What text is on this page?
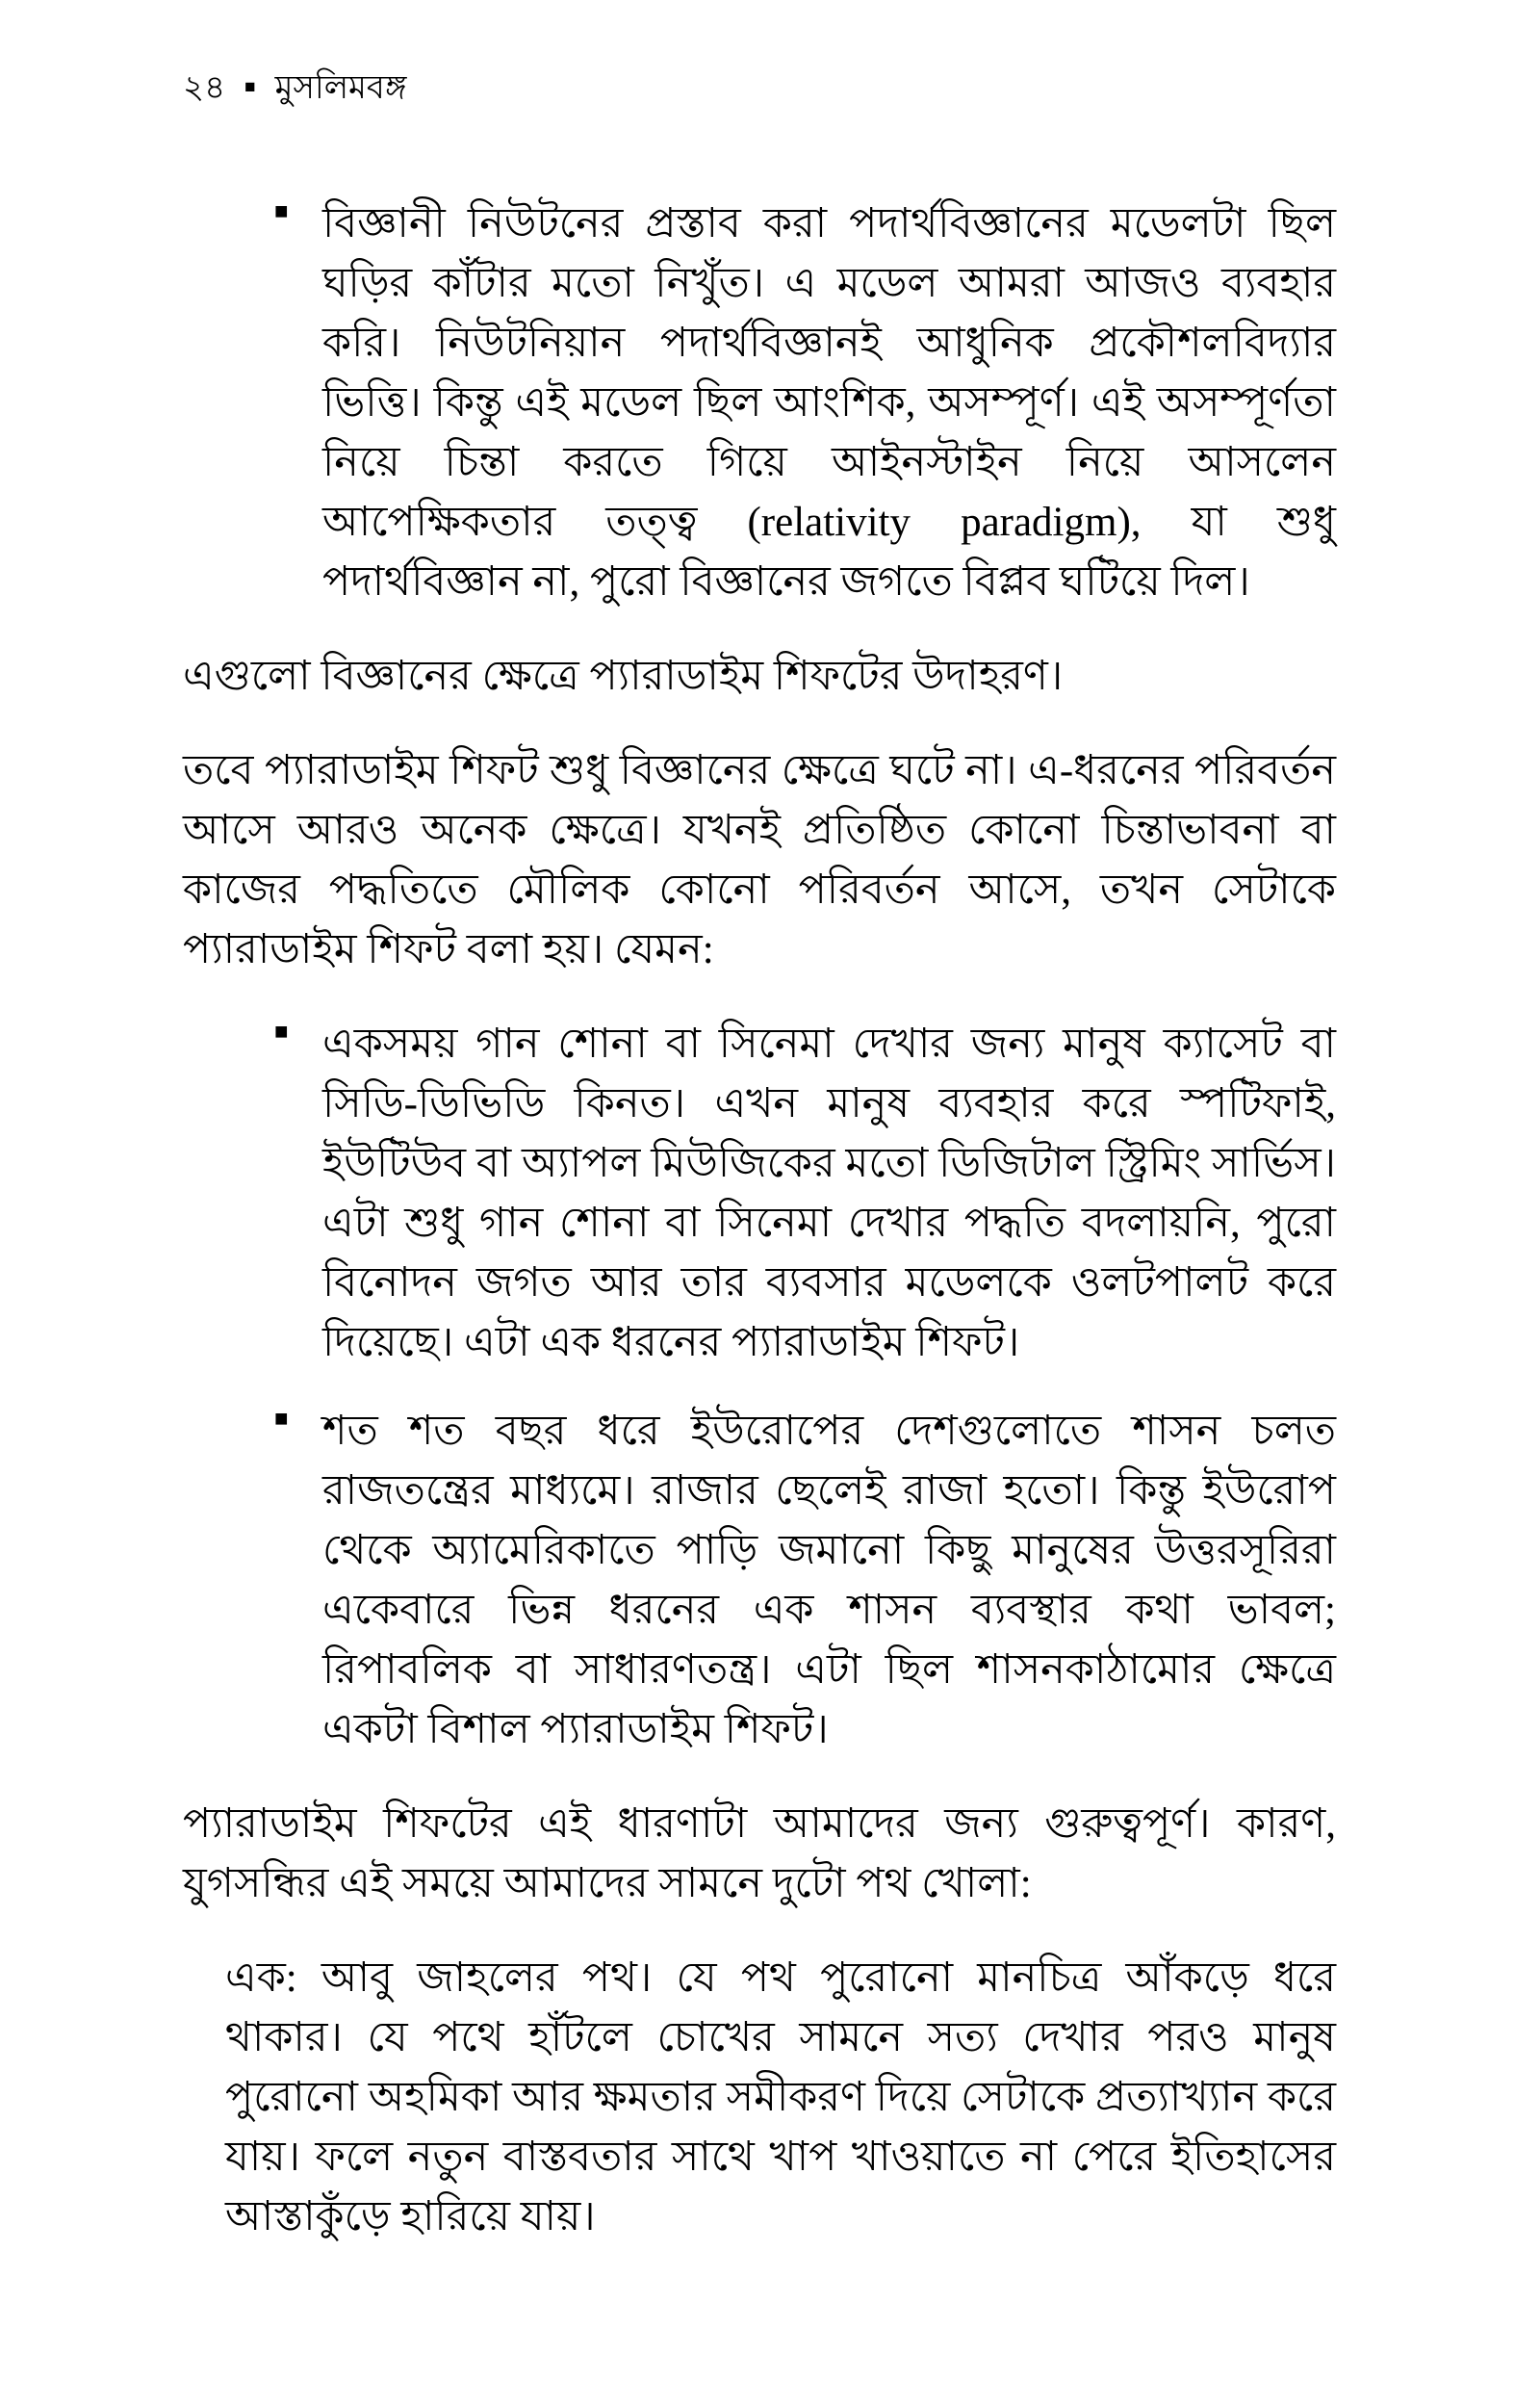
২৪ ■ মুসলিমবঙ্গ
■ বিজ্ঞানী নিউটনের প্রস্তাব করা পদার্থবিজ্ঞানের মডেলটা ছিল ঘড়ির কাঁটার মতো নিখুঁত। এ মডেল আমরা আজও ব্যবহার করি। নিউটনিয়ান পদার্থবিজ্ঞানই আধুনিক প্রকৌশলবিদ্যার ভিত্তি। কিন্তু এই মডেল ছিল আংশিক, অসম্পূর্ণ। এই অসম্পূর্ণতা নিয়ে চিন্তা করতে গিয়ে আইনস্টাইন নিয়ে আসলেন আপেক্ষিকতার তত্ত্ব (relativity paradigm), যা শুধু পদার্থবিজ্ঞান না, পুরো বিজ্ঞানের জগতে বিপ্লব ঘটিয়ে দিল।

এগুলো বিজ্ঞানের ক্ষেত্রে প্যারাডাইম শিফটের উদাহরণ।

তবে প্যারাডাইম শিফট শুধু বিজ্ঞানের ক্ষেত্রে ঘটে না। এ-ধরনের পরিবর্তন আসে আরও অনেক ক্ষেত্রে। যখনই প্রতিষ্ঠিত কোনো চিন্তাভাবনা বা কাজের পদ্ধতিতে মৌলিক কোনো পরিবর্তন আসে, তখন সেটাকে প্যারাডাইম শিফট বলা হয়। যেমন:

■ একসময় গান শোনা বা সিনেমা দেখার জন্য মানুষ ক্যাসেট বা সিডি-ডিভিডি কিনত। এখন মানুষ ব্যবহার করে স্পটিফাই, ইউটিউব বা অ্যাপল মিউজিকের মতো ডিজিটাল স্ট্রিমিং সার্ভিস। এটা শুধু গান শোনা বা সিনেমা দেখার পদ্ধতি বদলায়নি, পুরো বিনোদন জগত আর তার ব্যবসার মডেলকে ওলটপালট করে দিয়েছে। এটা এক ধরনের প্যারাডাইম শিফট।
■ শত শত বছর ধরে ইউরোপের দেশগুলোতে শাসন চলত রাজতন্ত্রের মাধ্যমে। রাজার ছেলেই রাজা হতো। কিন্তু ইউরোপ থেকে অ্যামেরিকাতে পাড়ি জমানো কিছু মানুষের উত্তরসূরিরা একেবারে ভিন্ন ধরনের এক শাসন ব্যবস্থার কথা ভাবল; রিপাবলিক বা সাধারণতন্ত্র। এটা ছিল শাসনকাঠামোর ক্ষেত্রে একটা বিশাল প্যারাডাইম শিফট।

প্যারাডাইম শিফটের এই ধারণাটা আমাদের জন্য গুরুত্বপূর্ণ। কারণ, যুগসন্ধির এই সময়ে আমাদের সামনে দুটো পথ খোলা:

এক: আবু জাহলের পথ। যে পথ পুরোনো মানচিত্র আঁকড়ে ধরে থাকার। যে পথে হাঁটলে চোখের সামনে সত্য দেখার পরও মানুষ পুরোনো অহমিকা আর ক্ষমতার সমীকরণ দিয়ে সেটাকে প্রত্যাখ্যান করে যায়। ফলে নতুন বাস্তবতার সাথে খাপ খাওয়াতে না পেরে ইতিহাসের আস্তাকুঁড়ে হারিয়ে যায়।
